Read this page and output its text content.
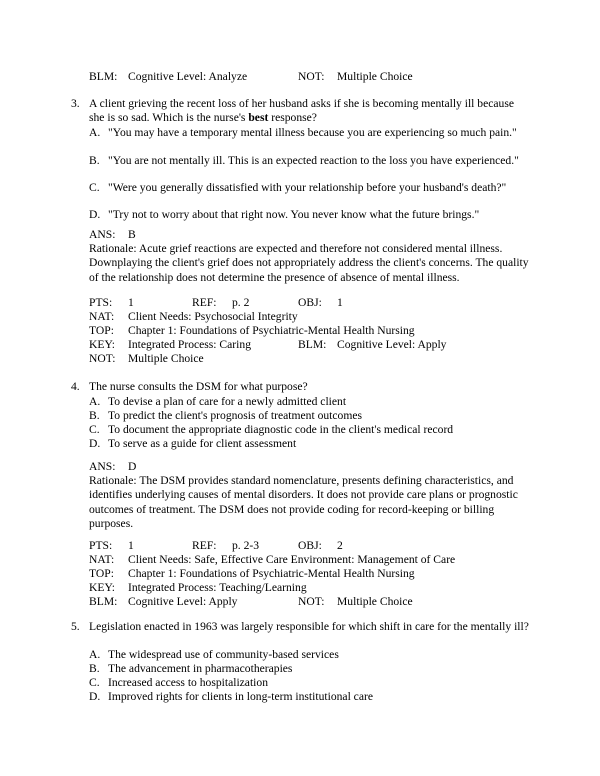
BLM: Cognitive Level: Analyze	NOT: Multiple Choice
3. A client grieving the recent loss of her husband asks if she is becoming mentally ill because she is so sad. Which is the nurse's best response?
A. "You may have a temporary mental illness because you are experiencing so much pain."
B. "You are not mentally ill. This is an expected reaction to the loss you have experienced."
C. "Were you generally dissatisfied with your relationship before your husband's death?"
D. "Try not to worry about that right now. You never know what the future brings."
ANS: B
Rationale: Acute grief reactions are expected and therefore not considered mental illness. Downplaying the client's grief does not appropriately address the client's concerns. The quality of the relationship does not determine the presence of absence of mental illness.
PTS: 1	REF: p. 2	OBJ: 1
NAT: Client Needs: Psychosocial Integrity
TOP: Chapter 1: Foundations of Psychiatric-Mental Health Nursing
KEY: Integrated Process: Caring	BLM: Cognitive Level: Apply
NOT: Multiple Choice
4. The nurse consults the DSM for what purpose?
A. To devise a plan of care for a newly admitted client
B. To predict the client's prognosis of treatment outcomes
C. To document the appropriate diagnostic code in the client's medical record
D. To serve as a guide for client assessment
ANS: D
Rationale: The DSM provides standard nomenclature, presents defining characteristics, and identifies underlying causes of mental disorders. It does not provide care plans or prognostic outcomes of treatment. The DSM does not provide coding for record-keeping or billing purposes.
PTS: 1	REF: p. 2-3	OBJ: 2
NAT: Client Needs: Safe, Effective Care Environment: Management of Care
TOP: Chapter 1: Foundations of Psychiatric-Mental Health Nursing
KEY: Integrated Process: Teaching/Learning
BLM: Cognitive Level: Apply	NOT: Multiple Choice
5. Legislation enacted in 1963 was largely responsible for which shift in care for the mentally ill?
A. The widespread use of community-based services
B. The advancement in pharmacotherapies
C. Increased access to hospitalization
D. Improved rights for clients in long-term institutional care
